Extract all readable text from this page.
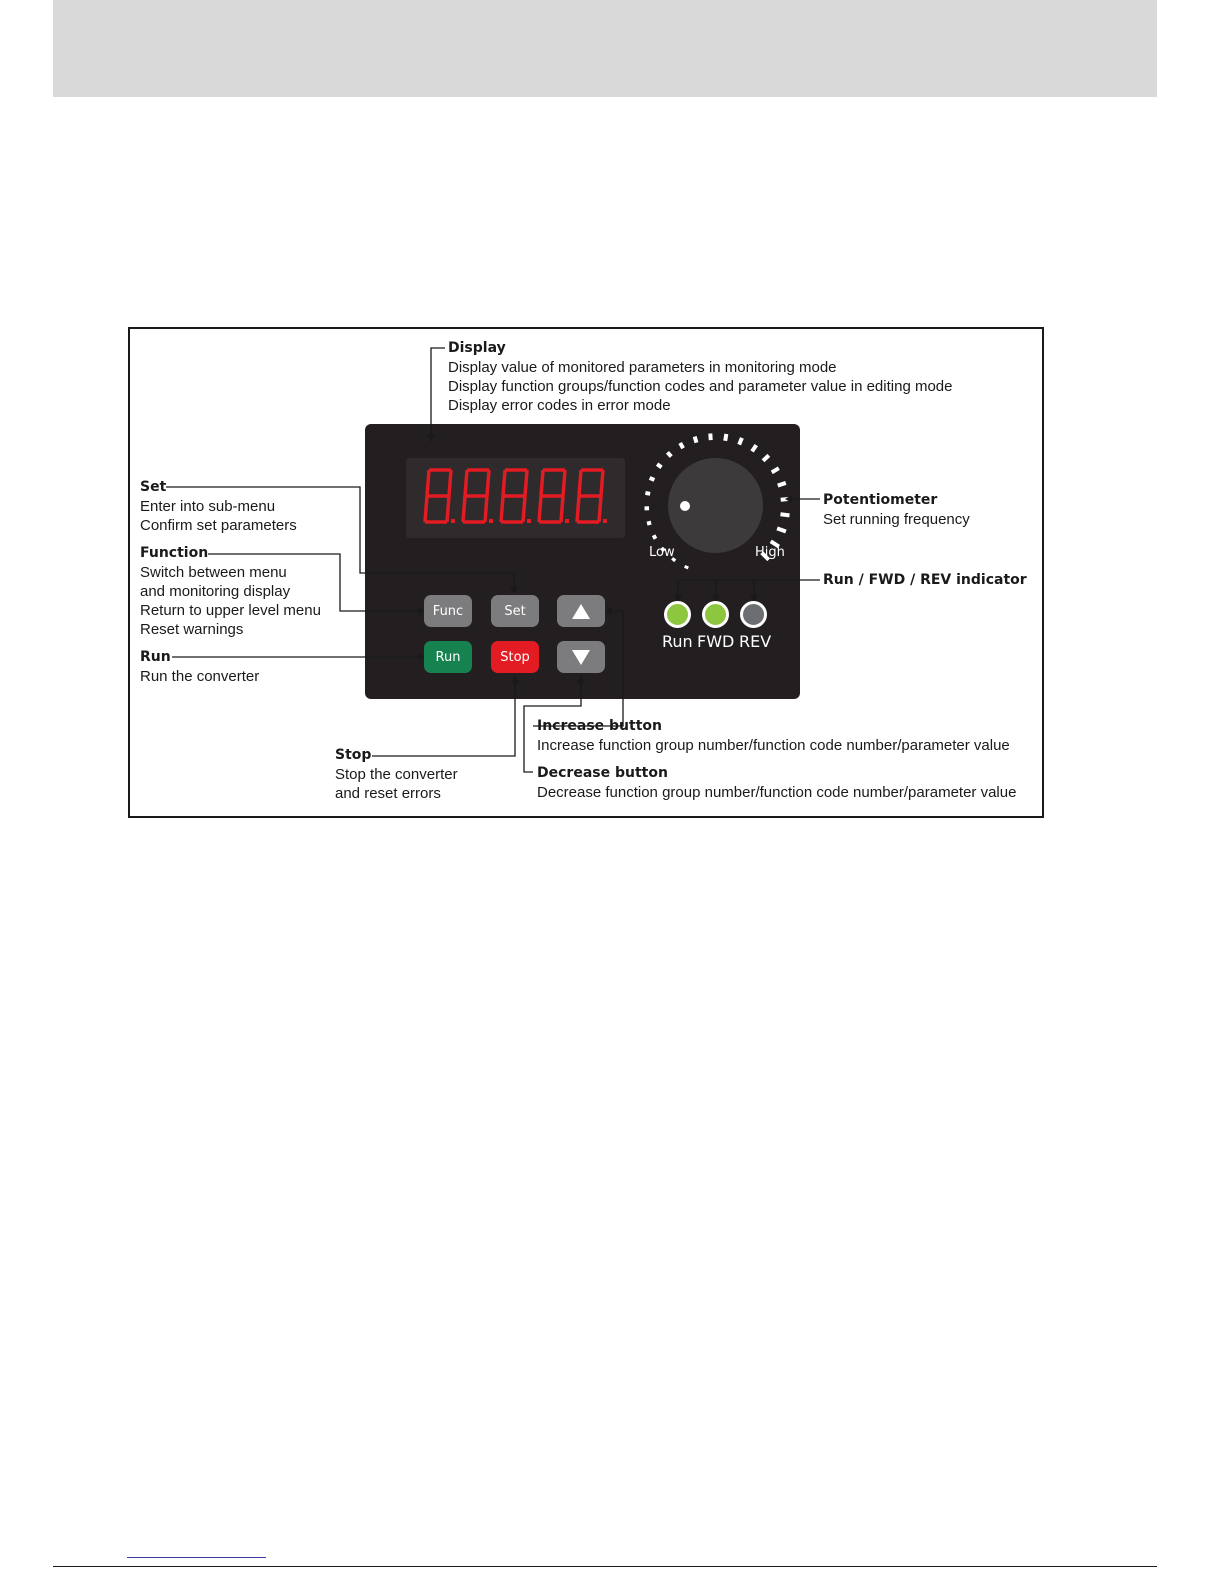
Low	High
Func	Set
Run	Stop
Run FWD REV
Display
Display value of monitored parameters in monitoring mode
Display function groups/function codes and parameter value in editing mode
Display error codes in error mode
Set
Enter into sub-menu
Confirm set parameters
Function
Switch between menu
and monitoring display
Return to upper level menu
Reset warnings
Run
Run the converter
Stop
Stop the converter
and reset errors
Increase button
Increase function group number/function code number/parameter value
Decrease button
Decrease function group number/function code number/parameter value
Potentiometer
Set running frequency
Run / FWD / REV indicator
